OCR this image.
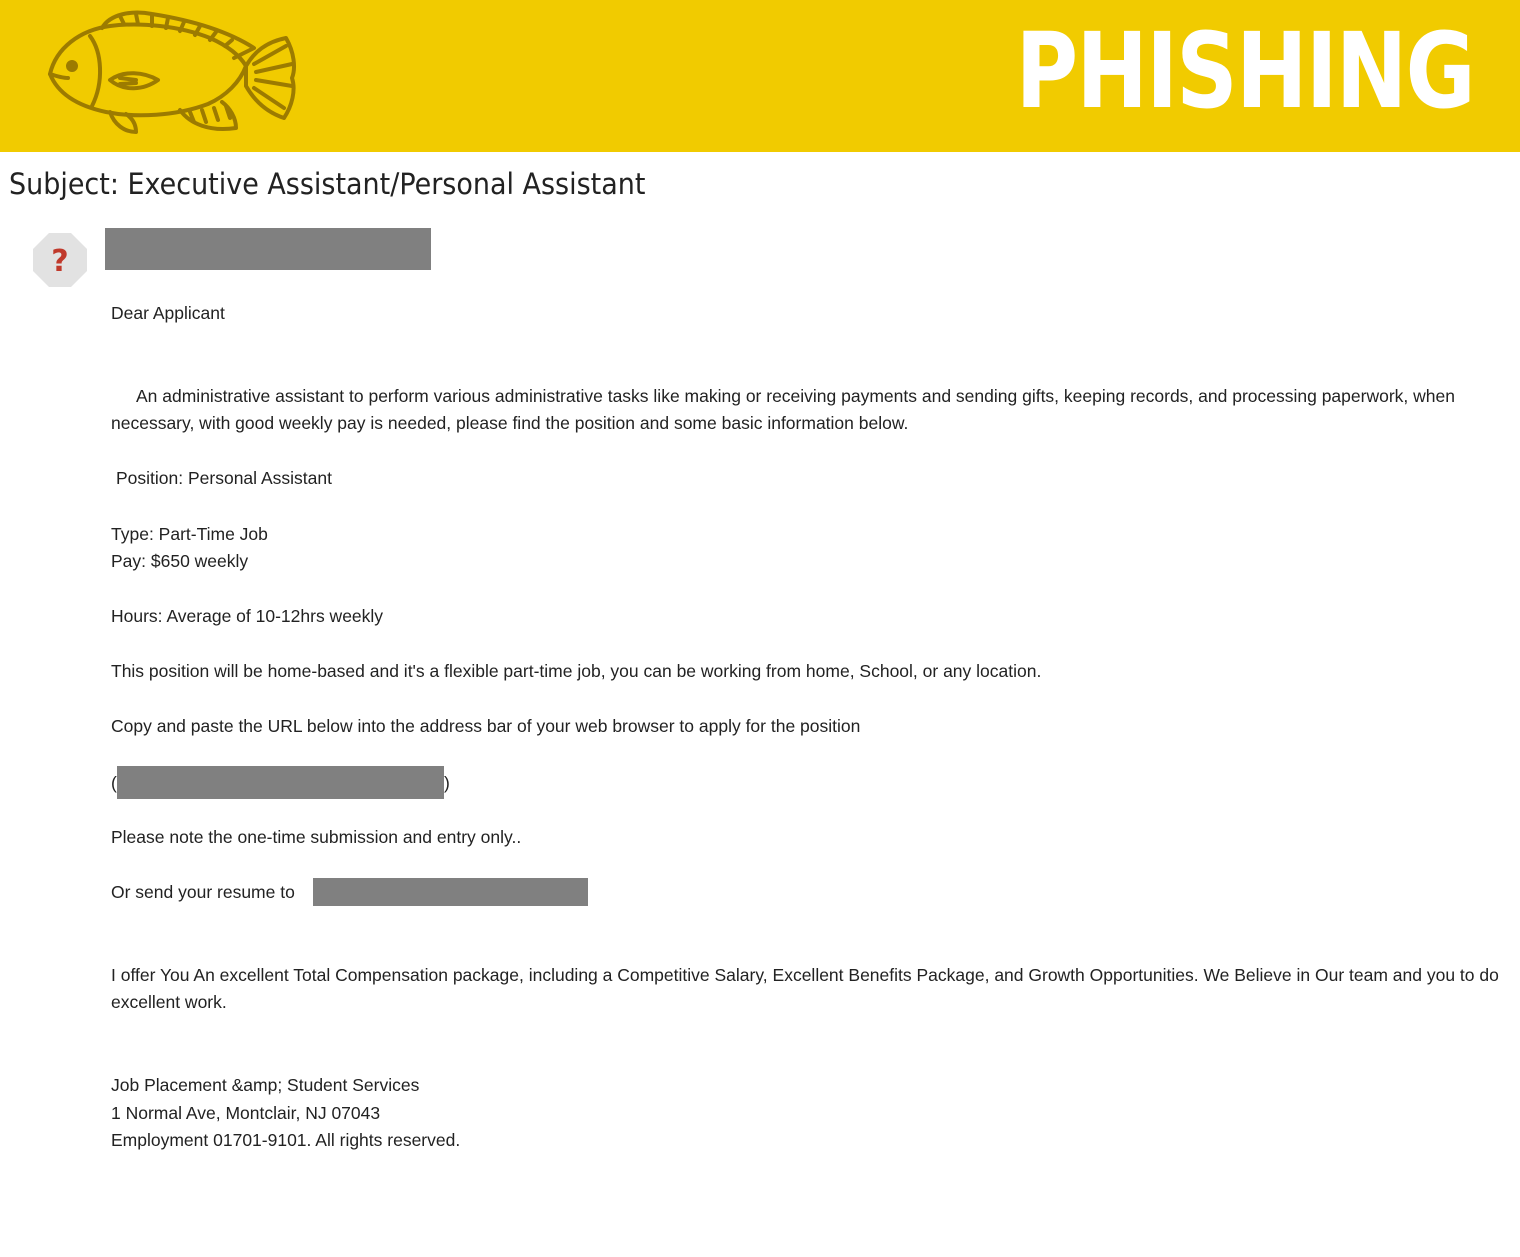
PHISHING
Subject: Executive Assistant/Personal Assistant
?
Dear Applicant
An administrative assistant to perform various administrative tasks like making or receiving payments and sending gifts, keeping records, and processing paperwork, when necessary, with good weekly pay is needed, please find the position and some basic information below.
Position: Personal Assistant
Type: Part-Time Job
Pay: $650 weekly
Hours: Average of 10-12hrs weekly
This position will be home-based and it's a flexible part-time job, you can be working from home, School, or any location.
Copy and paste the URL below into the address bar of your web browser to apply for the position
(	)
Please note the one-time submission and entry only..
Or send your resume to
I offer You An excellent Total Compensation package, including a Competitive Salary, Excellent Benefits Package, and Growth Opportunities. We Believe in Our team and you to do excellent work.
Job Placement &amp; Student Services
1 Normal Ave, Montclair, NJ 07043
Employment 01701-9101. All rights reserved.
